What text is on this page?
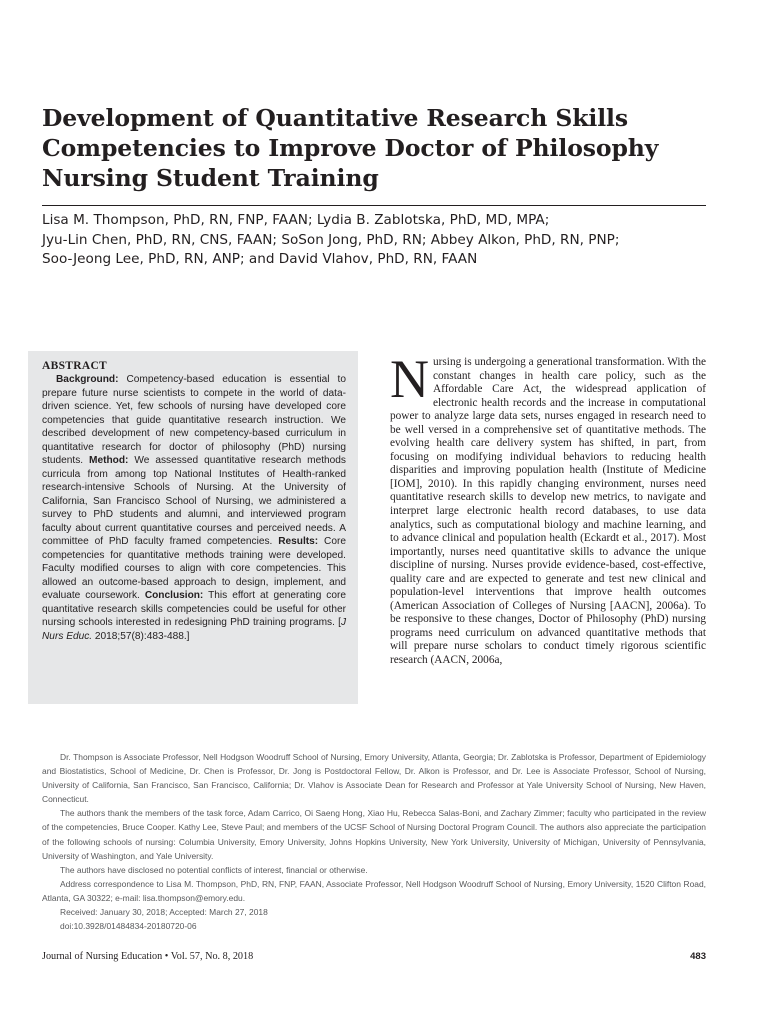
Development of Quantitative Research Skills Competencies to Improve Doctor of Philosophy Nursing Student Training
Lisa M. Thompson, PhD, RN, FNP, FAAN; Lydia B. Zablotska, PhD, MD, MPA;
Jyu-Lin Chen, PhD, RN, CNS, FAAN; SoSon Jong, PhD, RN; Abbey Alkon, PhD, RN, PNP;
Soo-Jeong Lee, PhD, RN, ANP; and David Vlahov, PhD, RN, FAAN
ABSTRACT

Background: Competency-based education is essential to prepare future nurse scientists to compete in the world of data-driven science. Yet, few schools of nursing have developed core competencies that guide quantitative research instruction. We described development of new competency-based curriculum in quantitative research for doctor of philosophy (PhD) nursing students. Method: We assessed quantitative research methods curricula from among top National Institutes of Health-ranked research-intensive Schools of Nursing. At the University of California, San Francisco School of Nursing, we administered a survey to PhD students and alumni, and interviewed program faculty about current quantitative courses and perceived needs. A committee of PhD faculty framed competencies. Results: Core competencies for quantitative methods training were developed. Faculty modified courses to align with core competencies. This allowed an outcome-based approach to design, implement, and evaluate coursework. Conclusion: This effort at generating core quantitative research skills competencies could be useful for other nursing schools interested in redesigning PhD training programs. [J Nurs Educ. 2018;57(8):483-488.]

Nursing is undergoing a generational transformation. With the constant changes in health care policy, such as the Affordable Care Act, the widespread application of electronic health records and the increase in computational power to analyze large data sets, nurses engaged in research need to be well versed in a comprehensive set of quantitative methods. The evolving health care delivery system has shifted, in part, from focusing on modifying individual behaviors to reducing health disparities and improving population health (Institute of Medicine [IOM], 2010). In this rapidly changing environment, nurses need quantitative research skills to develop new metrics, to navigate and interpret large electronic health record databases, to use data analytics, such as computational biology and machine learning, and to advance clinical and population health (Eckardt et al., 2017). Most importantly, nurses need quantitative skills to advance the unique discipline of nursing. Nurses provide evidence-based, cost-effective, quality care and are expected to generate and test new clinical and population-level interventions that improve health outcomes (American Association of Colleges of Nursing [AACN], 2006a). To be responsive to these changes, Doctor of Philosophy (PhD) nursing programs need curriculum on advanced quantitative methods that will prepare nurse scholars to conduct timely rigorous scientific research (AACN, 2006a,

Dr. Thompson is Associate Professor, Nell Hodgson Woodruff School of Nursing, Emory University, Atlanta, Georgia; Dr. Zablotska is Professor, Department of Epidemiology and Biostatistics, School of Medicine, Dr. Chen is Professor, Dr. Jong is Postdoctoral Fellow, Dr. Alkon is Professor, and Dr. Lee is Associate Professor, School of Nursing, University of California, San Francisco, San Francisco, California; Dr. Vlahov is Associate Dean for Research and Professor at Yale University School of Nursing, New Haven, Connecticut.

The authors thank the members of the task force, Adam Carrico, Oi Saeng Hong, Xiao Hu, Rebecca Salas-Boni, and Zachary Zimmer; faculty who participated in the review of the competencies, Bruce Cooper. Kathy Lee, Steve Paul; and members of the UCSF School of Nursing Doctoral Program Council. The authors also appreciate the participation of the following schools of nursing: Columbia University, Emory University, Johns Hopkins University, New York University, University of Michigan, University of Pennsylvania, University of Washington, and Yale University.

The authors have disclosed no potential conflicts of interest, financial or otherwise.

Address correspondence to Lisa M. Thompson, PhD, RN, FNP, FAAN, Associate Professor, Nell Hodgson Woodruff School of Nursing, Emory University, 1520 Clifton Road, Atlanta, GA 30322; e-mail: lisa.thompson@emory.edu.

Received: January 30, 2018; Accepted: March 27, 2018

doi:10.3928/01484834-20180720-06

Journal of Nursing Education • Vol. 57, No. 8, 2018	483
